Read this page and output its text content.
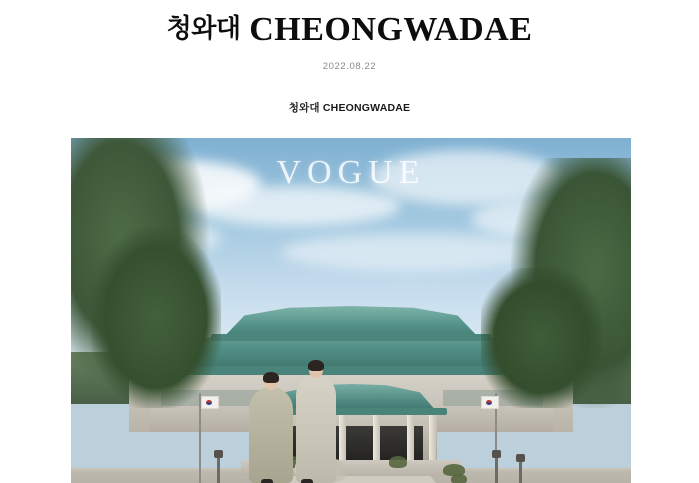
청와대 CHEONGWADAE
2022.08.22
청와대 CHEONGWADAE
VOGUE
